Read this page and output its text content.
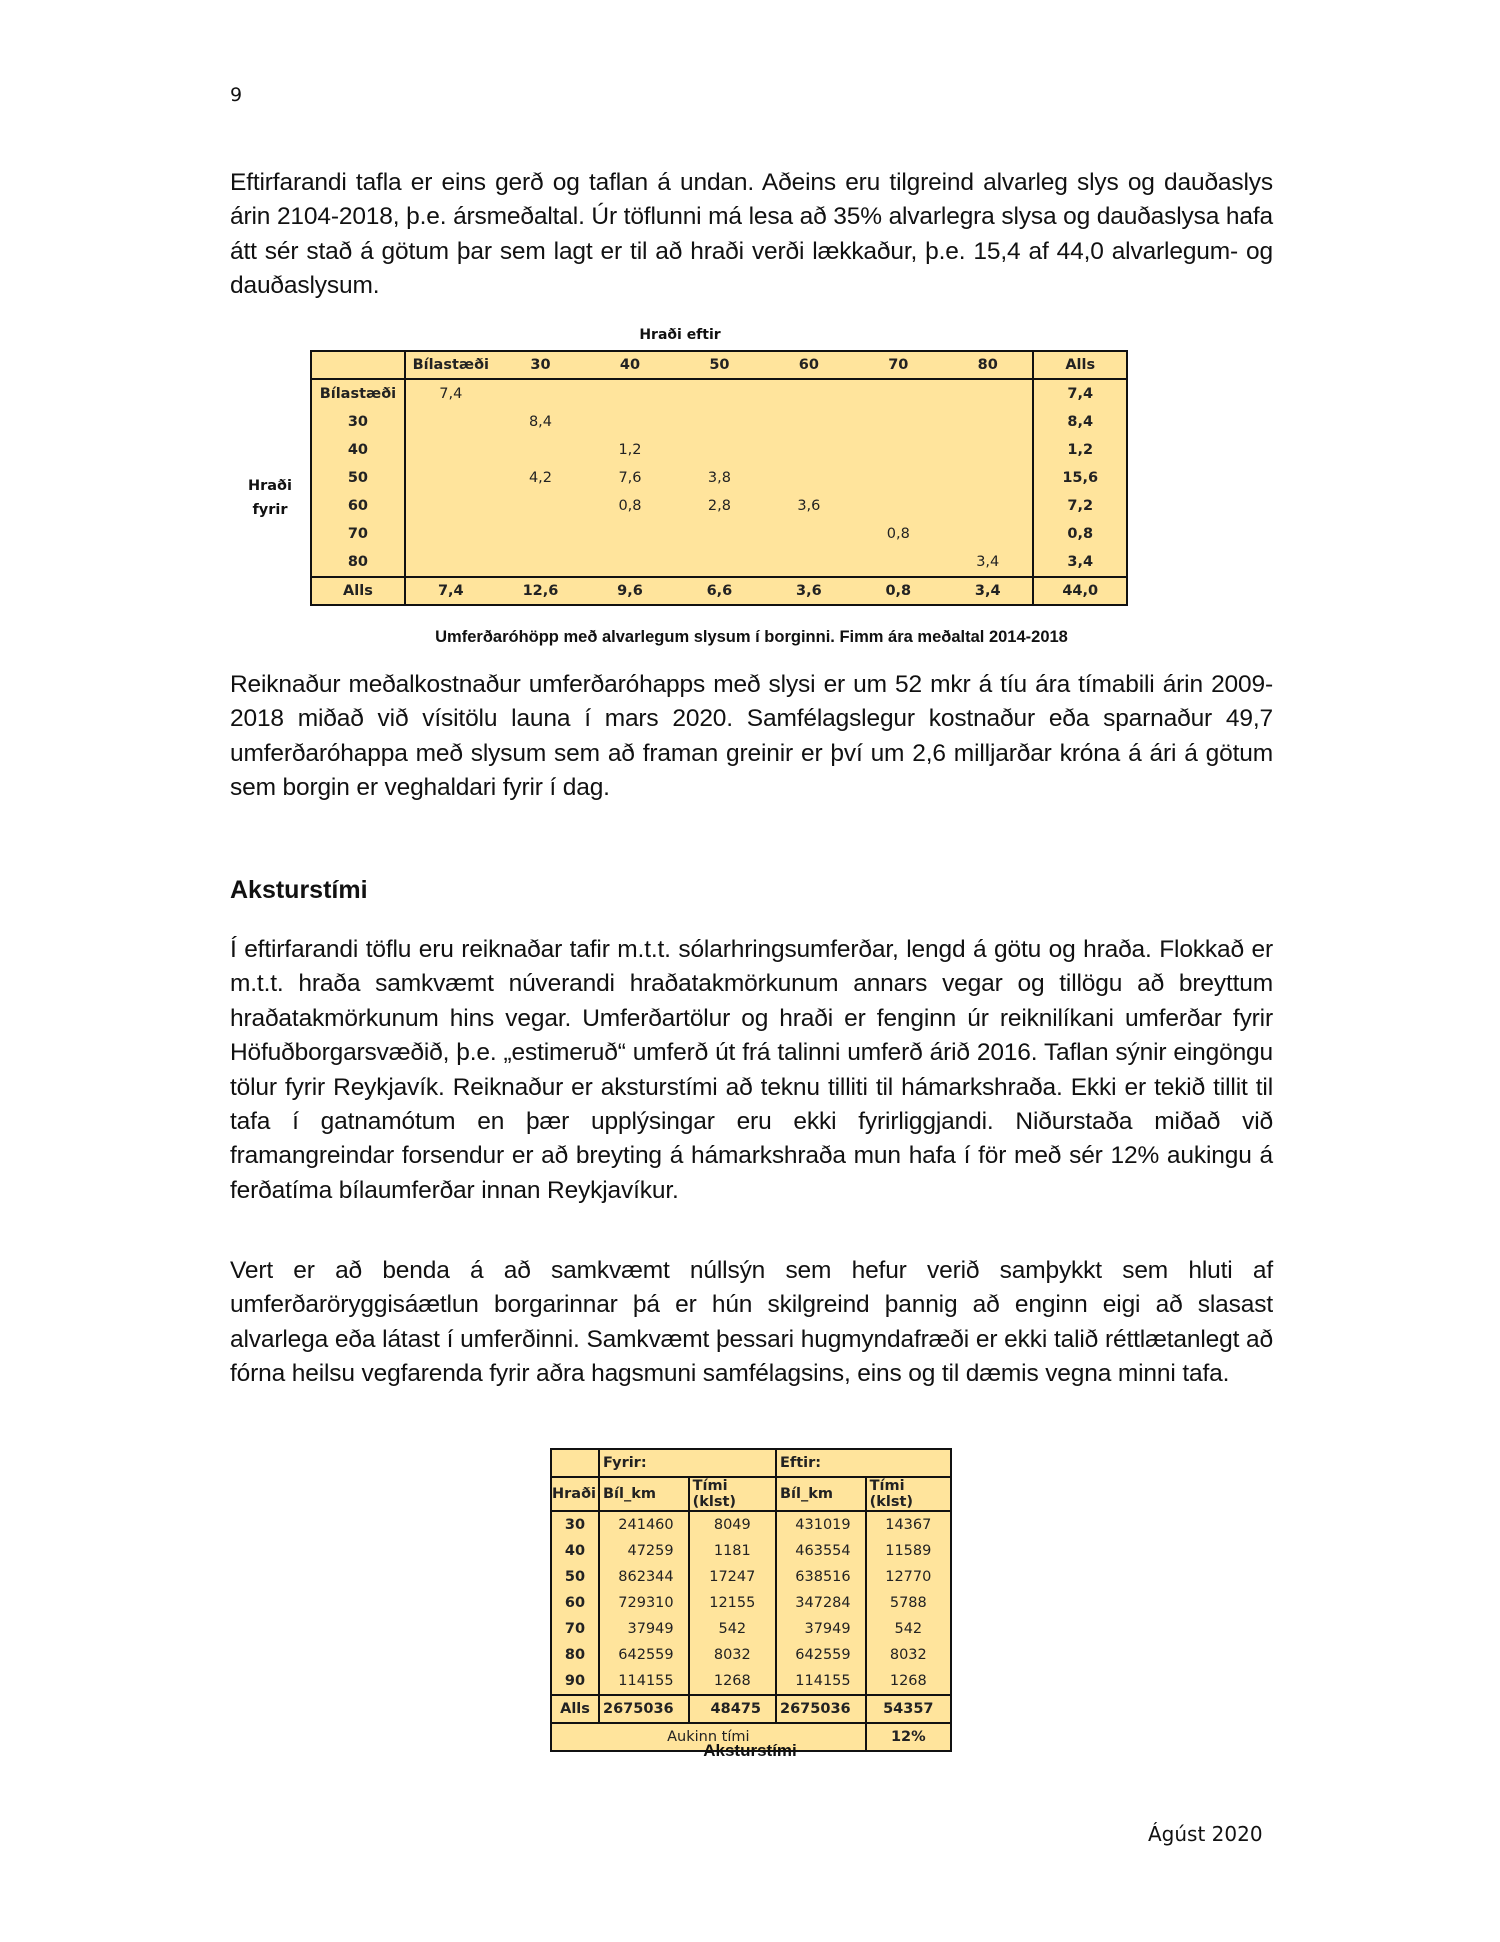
9

Eftirfarandi tafla er eins gerð og taflan á undan. Aðeins eru tilgreind alvarleg slys og dauðaslys árin 2104-2018, þ.e. ársmeðaltal. Úr töflunni má lesa að 35% alvarlegra slysa og dauðaslysa hafa átt sér stað á götum þar sem lagt er til að hraði verði lækkaður, þ.e. 15,4 af 44,0 alvarlegum- og dauðaslysum.

Hraði eftir
Hraði
fyrir
	Bílastæði	30	40	50	60	70	80	Alls
Bílastæði	7,4							7,4
30		8,4						8,4
40			1,2					1,2
50		4,2	7,6	3,8				15,6
60			0,8	2,8	3,6			7,2
70						0,8		0,8
80							3,4	3,4
Alls	7,4	12,6	9,6	6,6	3,6	0,8	3,4	44,0
Umferðaróhöpp með alvarlegum slysum í borginni. Fimm ára meðaltal 2014-2018

Reiknaður meðalkostnaður umferðaróhapps með slysi er um 52 mkr á tíu ára tímabili árin 2009-2018 miðað við vísitölu launa í mars 2020. Samfélagslegur kostnaður eða sparnaður 49,7 umferðaróhappa með slysum sem að framan greinir er því um 2,6 milljarðar króna á ári á götum sem borgin er veghaldari fyrir í dag.

Aksturstími

Í eftirfarandi töflu eru reiknaðar tafir m.t.t. sólarhringsumferðar, lengd á götu og hraða. Flokkað er m.t.t. hraða samkvæmt núverandi hraðatakmörkunum annars vegar og tillögu að breyttum hraðatakmörkunum hins vegar. Umferðartölur og hraði er fenginn úr reiknilíkani umferðar fyrir Höfuðborgarsvæðið, þ.e. „estimeruð“ umferð út frá talinni umferð árið 2016. Taflan sýnir eingöngu tölur fyrir Reykjavík. Reiknaður er aksturstími að teknu tilliti til hámarkshraða. Ekki er tekið tillit til tafa í gatnamótum en þær upplýsingar eru ekki fyrirliggjandi. Niðurstaða miðað við framangreindar forsendur er að breyting á hámarkshraða mun hafa í för með sér 12% aukingu á ferðatíma bílaumferðar innan Reykjavíkur.

Vert er að benda á að samkvæmt núllsýn sem hefur verið samþykkt sem hluti af umferðaröryggisáætlun borgarinnar þá er hún skilgreind þannig að enginn eigi að slasast alvarlega eða látast í umferðinni. Samkvæmt þessari hugmyndafræði er ekki talið réttlætanlegt að fórna heilsu vegfarenda fyrir aðra hagsmuni samfélagsins, eins og til dæmis vegna minni tafa.

	Fyrir:		Eftir:	
Hraði	Bíl_km	Tími (klst)	Bíl_km	Tími (klst)
30	241460	8049	431019	14367
40	47259	1181	463554	11589
50	862344	17247	638516	12770
60	729310	12155	347284	5788
70	37949	542	37949	542
80	642559	8032	642559	8032
90	114155	1268	114155	1268
Alls	2675036	48475	2675036	54357
Aukinn tími				12%
Aksturstími
Ágúst 2020
